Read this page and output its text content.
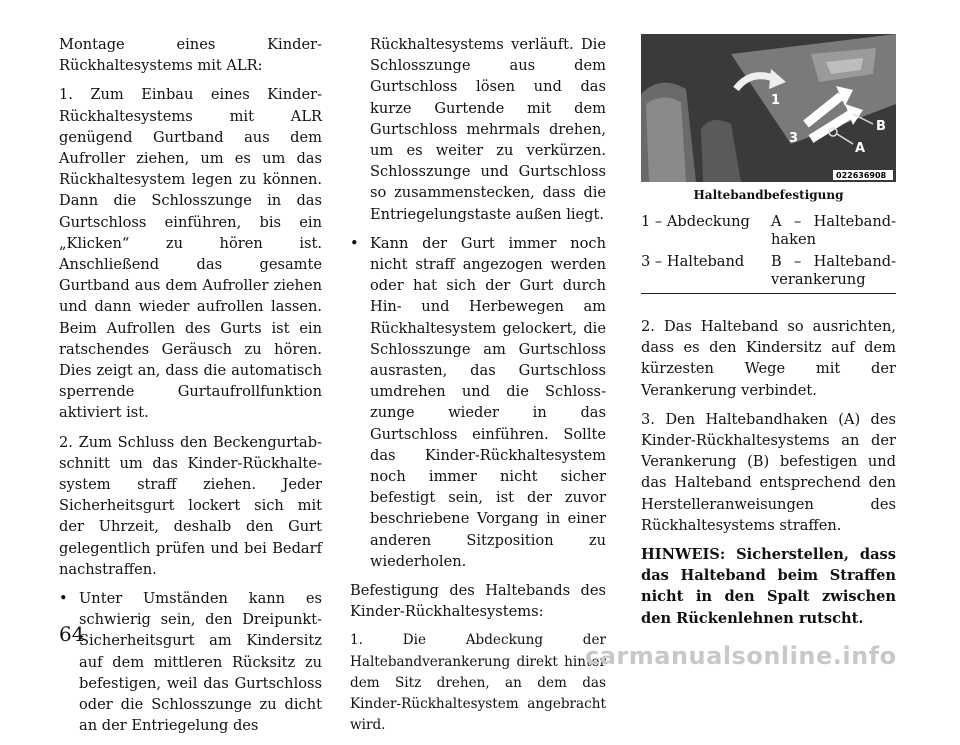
Montage eines Kinder-Rückhaltesystems mit ALR:

1. Zum Einbau eines Kinder-Rückhaltesystems mit ALR genügend Gurtband aus dem Aufroller ziehen, um es um das Rückhaltesystem legen zu können. Dann die Schlosszunge in das Gurtschloss einführen, bis ein „Klicken“ zu hören ist. Anschließend das gesamte Gurtband aus dem Aufroller ziehen und dann wieder aufrollen lassen. Beim Aufrollen des Gurts ist ein ratschendes Geräusch zu hören. Dies zeigt an, dass die automatisch sperrende Gurtaufrollfunktion aktiviert ist.

2. Zum Schluss den Beckengurtabschnitt um das Kinder-Rückhaltesystem straff ziehen. Jeder Sicherheitsgurt lockert sich mit der Uhrzeit, deshalb den Gurt gelegentlich prüfen und bei Bedarf nachstraffen.

• Unter Umständen kann es schwierig sein, den Dreipunkt-Sicherheitsgurt am Kindersitz auf dem mittleren Rücksitz zu befestigen, weil das Gurtschloss oder die Schlosszunge zu dicht an der Entriegelung des

Rückhaltesystems verläuft. Die Schlosszunge aus dem Gurtschloss lösen und das kurze Gurtende mit dem Gurtschloss mehrmals drehen, um es weiter zu verkürzen. Schlosszunge und Gurtschloss so zusammenstecken, dass die Entriegelungstaste außen liegt.

• Kann der Gurt immer noch nicht straff angezogen werden oder hat sich der Gurt durch Hin- und Herbewegen am Rückhaltesystem gelockert, die Schlosszunge am Gurtschloss ausrasten, das Gurtschloss umdrehen und die Schlosszunge wieder in das Gurtschloss einführen. Sollte das Kinder-Rückhaltesystem noch immer nicht sicher befestigt sein, ist der zuvor beschriebene Vorgang in einer anderen Sitzposition zu wiederholen.

Befestigung des Haltebands des Kinder-Rückhaltesystems:

1. Die Abdeckung der Haltebandverankerung direkt hinter dem Sitz drehen, an dem das Kinder-Rückhaltesystem angebracht wird.

1
3
B
A
022636908
Haltebandbefestigung
1 – Abdeckung	A – Haltebandhaken
3 – Halteband	B – Haltebandverankerung

2. Das Halteband so ausrichten, dass es den Kindersitz auf dem kürzesten Wege mit der Verankerung verbindet.

3. Den Haltebandhaken (A) des Kinder-Rückhaltesystems an der Verankerung (B) befestigen und das Halteband entsprechend den Herstelleranweisungen des Rückhaltesystems straffen.

HINWEIS: Sicherstellen, dass das Halteband beim Straffen nicht in den Spalt zwischen den Rückenlehnen rutscht.

64
carmanualsonline.info
